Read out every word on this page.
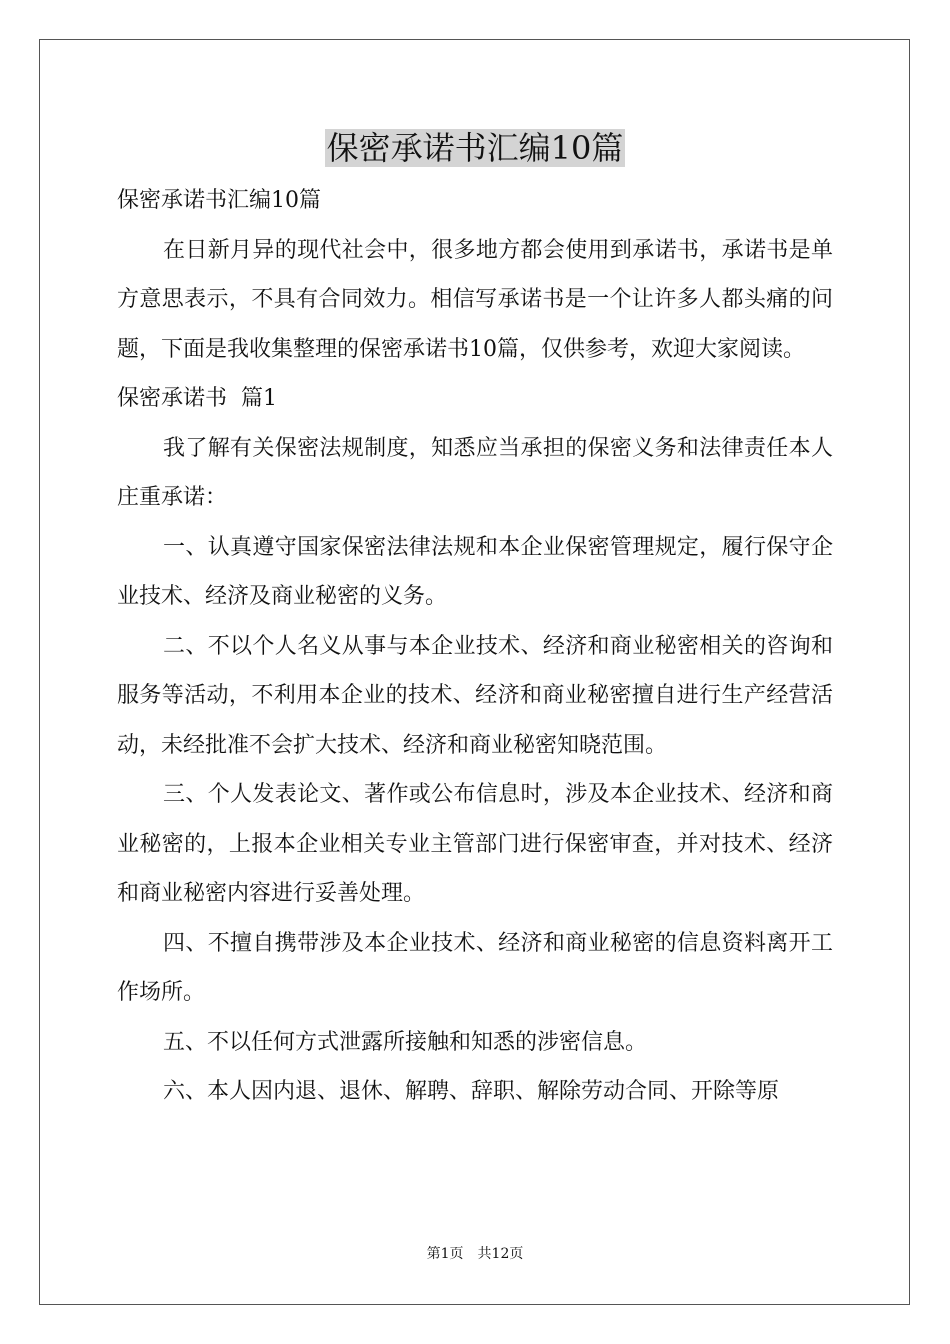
保密承诺书汇编10篇

保密承诺书汇编10篇

在日新月异的现代社会中，很多地方都会使用到承诺书，承诺书是单方意思表示，不具有合同效力。相信写承诺书是一个让许多人都头痛的问题，下面是我收集整理的保密承诺书10篇，仅供参考，欢迎大家阅读。

保密承诺书  篇1

我了解有关保密法规制度，知悉应当承担的保密义务和法律责任本人庄重承诺：

一、认真遵守国家保密法律法规和本企业保密管理规定，履行保守企业技术、经济及商业秘密的义务。

二、不以个人名义从事与本企业技术、经济和商业秘密相关的咨询和服务等活动，不利用本企业的技术、经济和商业秘密擅自进行生产经营活动，未经批准不会扩大技术、经济和商业秘密知晓范围。

三、个人发表论文、著作或公布信息时，涉及本企业技术、经济和商业秘密的，上报本企业相关专业主管部门进行保密审查，并对技术、经济和商业秘密内容进行妥善处理。

四、不擅自携带涉及本企业技术、经济和商业秘密的信息资料离开工作场所。

五、不以任何方式泄露所接触和知悉的涉密信息。

六、本人因内退、退休、解聘、辞职、解除劳动合同、开除等原

第1页 共12页
